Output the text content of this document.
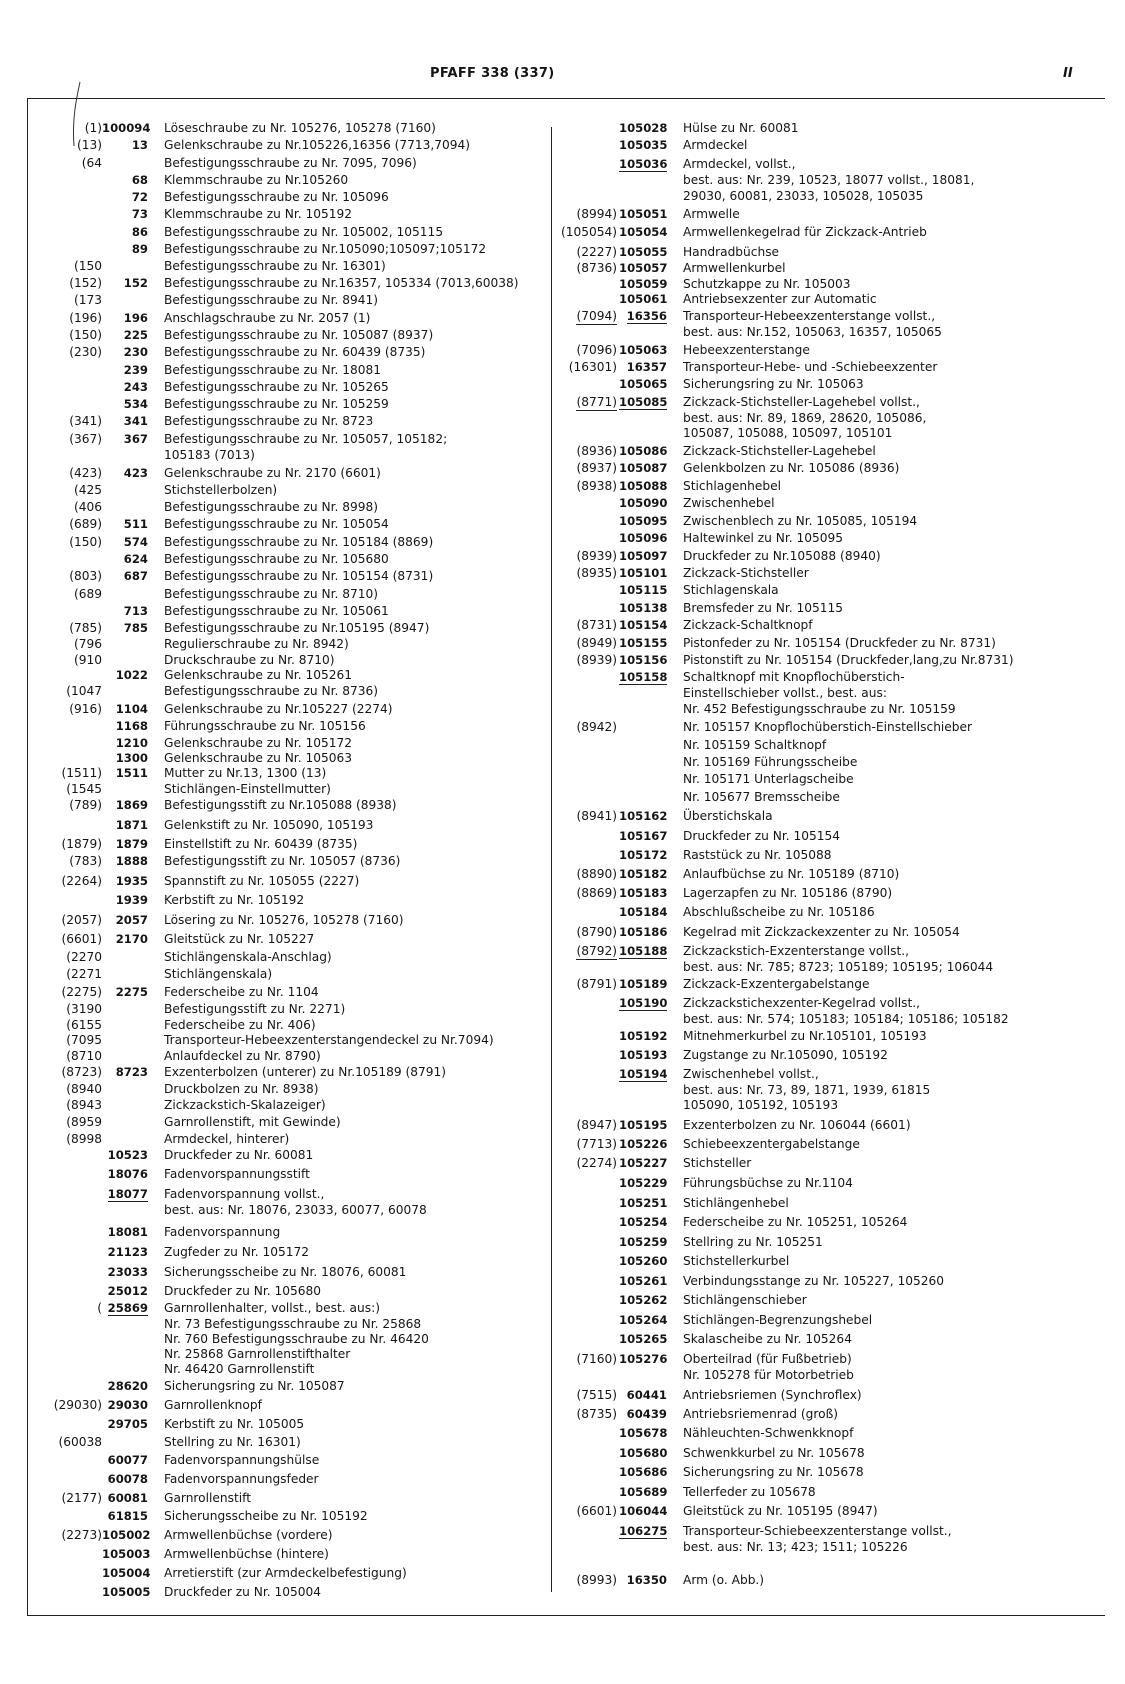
PFAFF 338 (337)	II
(1) 100094 Löseschraube zu Nr. 105276, 105278 (7160)
(13)	13 Gelenkschraube zu Nr.105226,16356 (7713,7094)
(64	Befestigungsschraube zu Nr. 7095, 7096)
68 Klemmschraube zu Nr.105260
72 Befestigungsschraube zu Nr. 105096
73 Klemmschraube zu Nr. 105192
86 Befestigungsschraube zu Nr. 105002, 105115
89 Befestigungsschraube zu Nr.105090;105097;105172
(150	Befestigungsschraube zu Nr. 16301)
(152)	152 Befestigungsschraube zu Nr.16357, 105334 (7013,60038)
(173	Befestigungsschraube zu Nr. 8941)
(196)	196 Anschlagschraube zu Nr. 2057 (1)
(150)	225 Befestigungsschraube zu Nr. 105087 (8937)
(230)	230 Befestigungsschraube zu Nr. 60439 (8735)
239 Befestigungsschraube zu Nr. 18081
243 Befestigungsschraube zu Nr. 105265
534 Befestigungsschraube zu Nr. 105259
(341)	341 Befestigungsschraube zu Nr. 8723
(367)	367 Befestigungsschraube zu Nr. 105057, 105182;
105183 (7013)
(423)	423 Gelenkschraube zu Nr. 2170 (6601)
(425	Stichstellerbolzen)
(406	Befestigungsschraube zu Nr. 8998)
(689)	511 Befestigungsschraube zu Nr. 105054
(150)	574 Befestigungsschraube zu Nr. 105184 (8869)
624 Befestigungsschraube zu Nr. 105680
(803)	687 Befestigungsschraube zu Nr. 105154 (8731)
(689	Befestigungsschraube zu Nr. 8710)
713 Befestigungsschraube zu Nr. 105061
(785)	785 Befestigungsschraube zu Nr.105195 (8947)
(796	Regulierschraube zu Nr. 8942)
(910	Druckschraube zu Nr. 8710)
1022 Gelenkschraube zu Nr. 105261
(1047	Befestigungsschraube zu Nr. 8736)
(916)	1104 Gelenkschraube zu Nr.105227 (2274)
1168 Führungsschraube zu Nr. 105156
1210 Gelenkschraube zu Nr. 105172
1300 Gelenkschraube zu Nr. 105063
(1511)	1511 Mutter zu Nr.13, 1300 (13)
(1545	Stichlängen-Einstellmutter)
(789)	1869 Befestigungsstift zu Nr.105088 (8938)
1871 Gelenkstift zu Nr. 105090, 105193
(1879)	1879 Einstellstift zu Nr. 60439 (8735)
(783)	1888 Befestigungsstift zu Nr. 105057 (8736)
(2264)	1935 Spannstift zu Nr. 105055 (2227)
1939 Kerbstift zu Nr. 105192
(2057)	2057 Lösering zu Nr. 105276, 105278 (7160)
(6601)	2170 Gleitstück zu Nr. 105227
(2270	Stichlängenskala-Anschlag)
(2271	Stichlängenskala)
(2275)	2275 Federscheibe zu Nr. 1104
(3190	Befestigungsstift zu Nr. 2271)
(6155	Federscheibe zu Nr. 406)
(7095	Transporteur-Hebeexzenterstangendeckel zu Nr.7094)
(8710	Anlaufdeckel zu Nr. 8790)
(8723)	8723 Exzenterbolzen (unterer) zu Nr.105189 (8791)
(8940	Druckbolzen zu Nr. 8938)
(8943	Zickzackstich-Skalazeiger)
(8959	Garnrollenstift, mit Gewinde)
(8998	Armdeckel, hinterer)
10523 Druckfeder zu Nr. 60081
18076 Fadenvorspannungsstift
18077 Fadenvorspannung vollst.,
best. aus: Nr. 18076, 23033, 60077, 60078
18081 Fadenvorspannung
21123 Zugfeder zu Nr. 105172
23033 Sicherungsscheibe zu Nr. 18076, 60081
25012 Druckfeder zu Nr. 105680
( 25869 Garnrollenhalter, vollst., best. aus:)
Nr. 73 Befestigungsschraube zu Nr. 25868
Nr. 760 Befestigungsschraube zu Nr. 46420
Nr. 25868 Garnrollenstifthalter
Nr. 46420 Garnrollenstift
28620 Sicherungsring zu Nr. 105087
(29030) 29030 Garnrollenknopf
29705 Kerbstift zu Nr. 105005
(60038	Stellring zu Nr. 16301)
60077 Fadenvorspannungshülse
60078 Fadenvorspannungsfeder
(2177) 60081 Garnrollenstift
61815 Sicherungsscheibe zu Nr. 105192
(2273) 105002 Armwellenbüchse (vordere)
105003 Armwellenbüchse (hintere)
105004 Arretierstift (zur Armdeckelbefestigung)
105005 Druckfeder zu Nr. 105004
105028 Hülse zu Nr. 60081
105035 Armdeckel
105036 Armdeckel, vollst.,
best. aus: Nr. 239, 10523, 18077 vollst., 18081,
29030, 60081, 23033, 105028, 105035
(8994) 105051 Armwelle
(105054) 105054 Armwellenkegelrad für Zickzack-Antrieb
(2227) 105055 Handradbüchse
(8736) 105057 Armwellenkurbel
105059 Schutzkappe zu Nr. 105003
105061 Antriebsexzenter zur Automatic
(7094) 16356 Transporteur-Hebeexzenterstange vollst.,
best. aus: Nr.152, 105063, 16357, 105065
(7096) 105063 Hebeexzenterstange
(16301) 16357 Transporteur-Hebe- und -Schiebeexzenter
105065 Sicherungsring zu Nr. 105063
(8771) 105085 Zickzack-Stichsteller-Lagehebel vollst.,
best. aus: Nr. 89, 1869, 28620, 105086,
105087, 105088, 105097, 105101
(8936) 105086 Zickzack-Stichsteller-Lagehebel
(8937) 105087 Gelenkbolzen zu Nr. 105086 (8936)
(8938) 105088 Stichlagenhebel
105090 Zwischenhebel
105095 Zwischenblech zu Nr. 105085, 105194
105096 Haltewinkel zu Nr. 105095
(8939) 105097 Druckfeder zu Nr.105088 (8940)
(8935) 105101 Zickzack-Stichsteller
105115 Stichlagenskala
105138 Bremsfeder zu Nr. 105115
(8731) 105154 Zickzack-Schaltknopf
(8949) 105155 Pistonfeder zu Nr. 105154 (Druckfeder zu Nr. 8731)
(8939) 105156 Pistonstift zu Nr. 105154 (Druckfeder,lang,zu Nr.8731)
105158 Schaltknopf mit Knopflochüberstich-
Einstellschieber vollst., best. aus:
Nr. 452 Befestigungsschraube zu Nr. 105159
(8942)	Nr. 105157 Knopflochüberstich-Einstellschieber
Nr. 105159 Schaltknopf
Nr. 105169 Führungsscheibe
Nr. 105171 Unterlagscheibe
Nr. 105677 Bremsscheibe
(8941) 105162 Überstichskala
105167 Druckfeder zu Nr. 105154
105172 Raststück zu Nr. 105088
(8890) 105182 Anlaufbüchse zu Nr. 105189 (8710)
(8869) 105183 Lagerzapfen zu Nr. 105186 (8790)
105184 Abschlußscheibe zu Nr. 105186
(8790) 105186 Kegelrad mit Zickzackexzenter zu Nr. 105054
(8792) 105188 Zickzackstich-Exzenterstange vollst.,
best. aus: Nr. 785; 8723; 105189; 105195; 106044
(8791) 105189 Zickzack-Exzentergabelstange
105190 Zickzackstichexzenter-Kegelrad vollst.,
best. aus: Nr. 574; 105183; 105184; 105186; 105182
105192 Mitnehmerkurbel zu Nr.105101, 105193
105193 Zugstange zu Nr.105090, 105192
105194 Zwischenhebel vollst.,
best. aus: Nr. 73, 89, 1871, 1939, 61815
105090, 105192, 105193
(8947) 105195 Exzenterbolzen zu Nr. 106044 (6601)
(7713) 105226 Schiebeexzentergabelstange
(2274) 105227 Stichsteller
105229 Führungsbüchse zu Nr.1104
105251 Stichlängenhebel
105254 Federscheibe zu Nr. 105251, 105264
105259 Stellring zu Nr. 105251
105260 Stichstellerkurbel
105261 Verbindungsstange zu Nr. 105227, 105260
105262 Stichlängenschieber
105264 Stichlängen-Begrenzungshebel
105265 Skalascheibe zu Nr. 105264
(7160) 105276 Oberteilrad (für Fußbetrieb)
Nr. 105278 für Motorbetrieb
(7515) 60441 Antriebsriemen (Synchroflex)
(8735) 60439 Antriebsriemenrad (groß)
105678 Nähleuchten-Schwenkknopf
105680 Schwenkkurbel zu Nr. 105678
105686 Sicherungsring zu Nr. 105678
105689 Tellerfeder zu 105678
(6601) 106044 Gleitstück zu Nr. 105195 (8947)
106275 Transporteur-Schiebeexzenterstange vollst.,
best. aus: Nr. 13; 423; 1511; 105226
(8993) 16350 Arm (o. Abb.)
